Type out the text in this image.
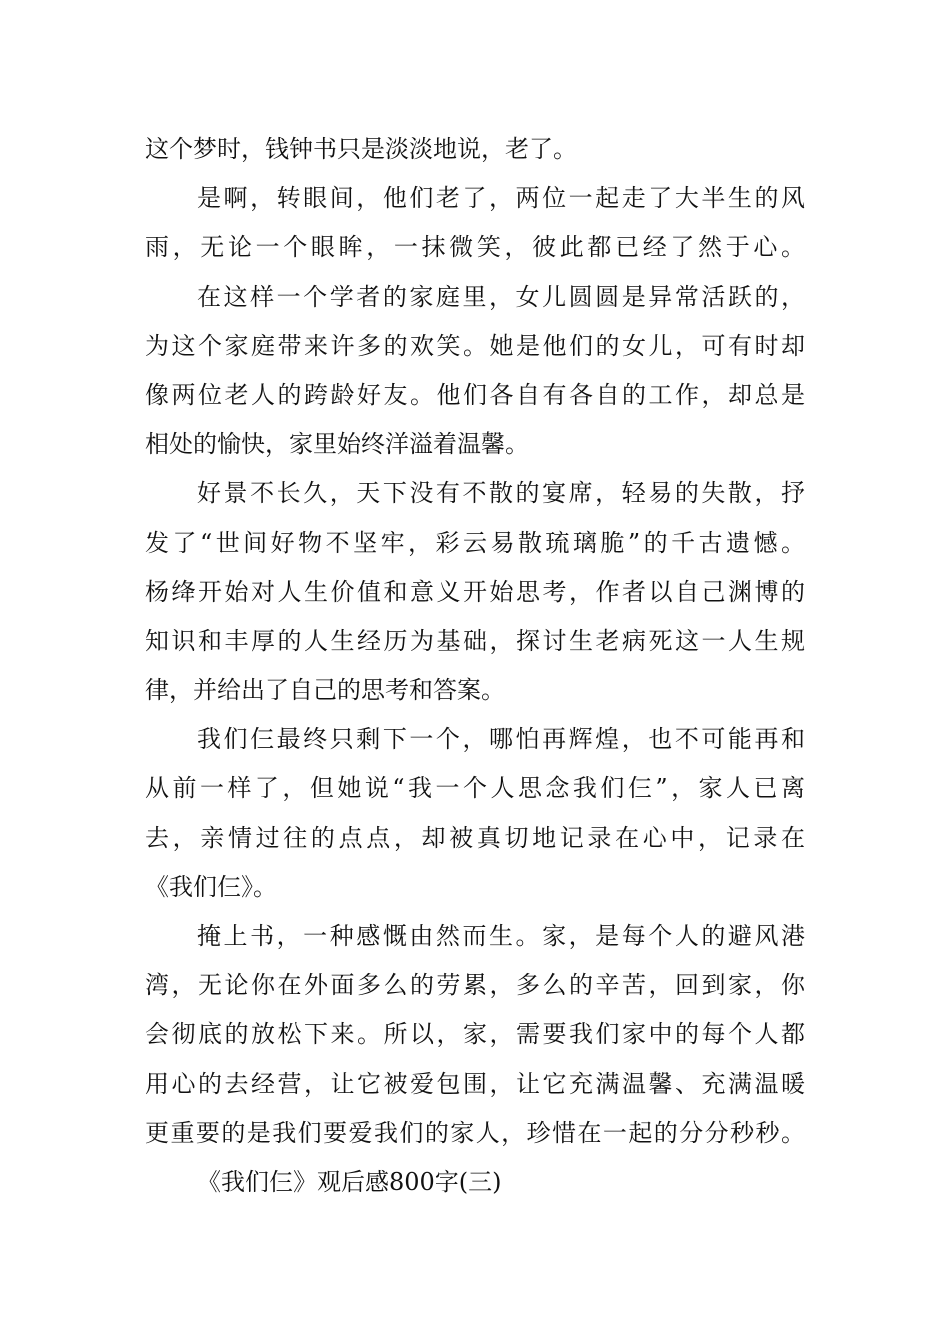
这个梦时，钱钟书只是淡淡地说，老了。
是啊，转眼间，他们老了，两位一起走了大半生的风
雨，无论一个眼眸，一抹微笑，彼此都已经了然于心。
在这样一个学者的家庭里，女儿圆圆是异常活跃的，
为这个家庭带来许多的欢笑。她是他们的女儿，可有时却
像两位老人的跨龄好友。他们各自有各自的工作，却总是
相处的愉快，家里始终洋溢着温馨。
好景不长久，天下没有不散的宴席，轻易的失散，抒
发了“世间好物不坚牢，彩云易散琉璃脆”的千古遗憾。
杨绛开始对人生价值和意义开始思考，作者以自己渊博的
知识和丰厚的人生经历为基础，探讨生老病死这一人生规
律，并给出了自己的思考和答案。
我们仨最终只剩下一个，哪怕再辉煌，也不可能再和
从前一样了，但她说“我一个人思念我们仨”，家人已离
去，亲情过往的点点，却被真切地记录在心中，记录在
《我们仨》。
掩上书，一种感慨由然而生。家，是每个人的避风港
湾，无论你在外面多么的劳累，多么的辛苦，回到家，你
会彻底的放松下来。所以，家，需要我们家中的每个人都
用心的去经营，让它被爱包围，让它充满温馨、充满温暖
更重要的是我们要爱我们的家人，珍惜在一起的分分秒秒。
《我们仨》观后感800字(三)
